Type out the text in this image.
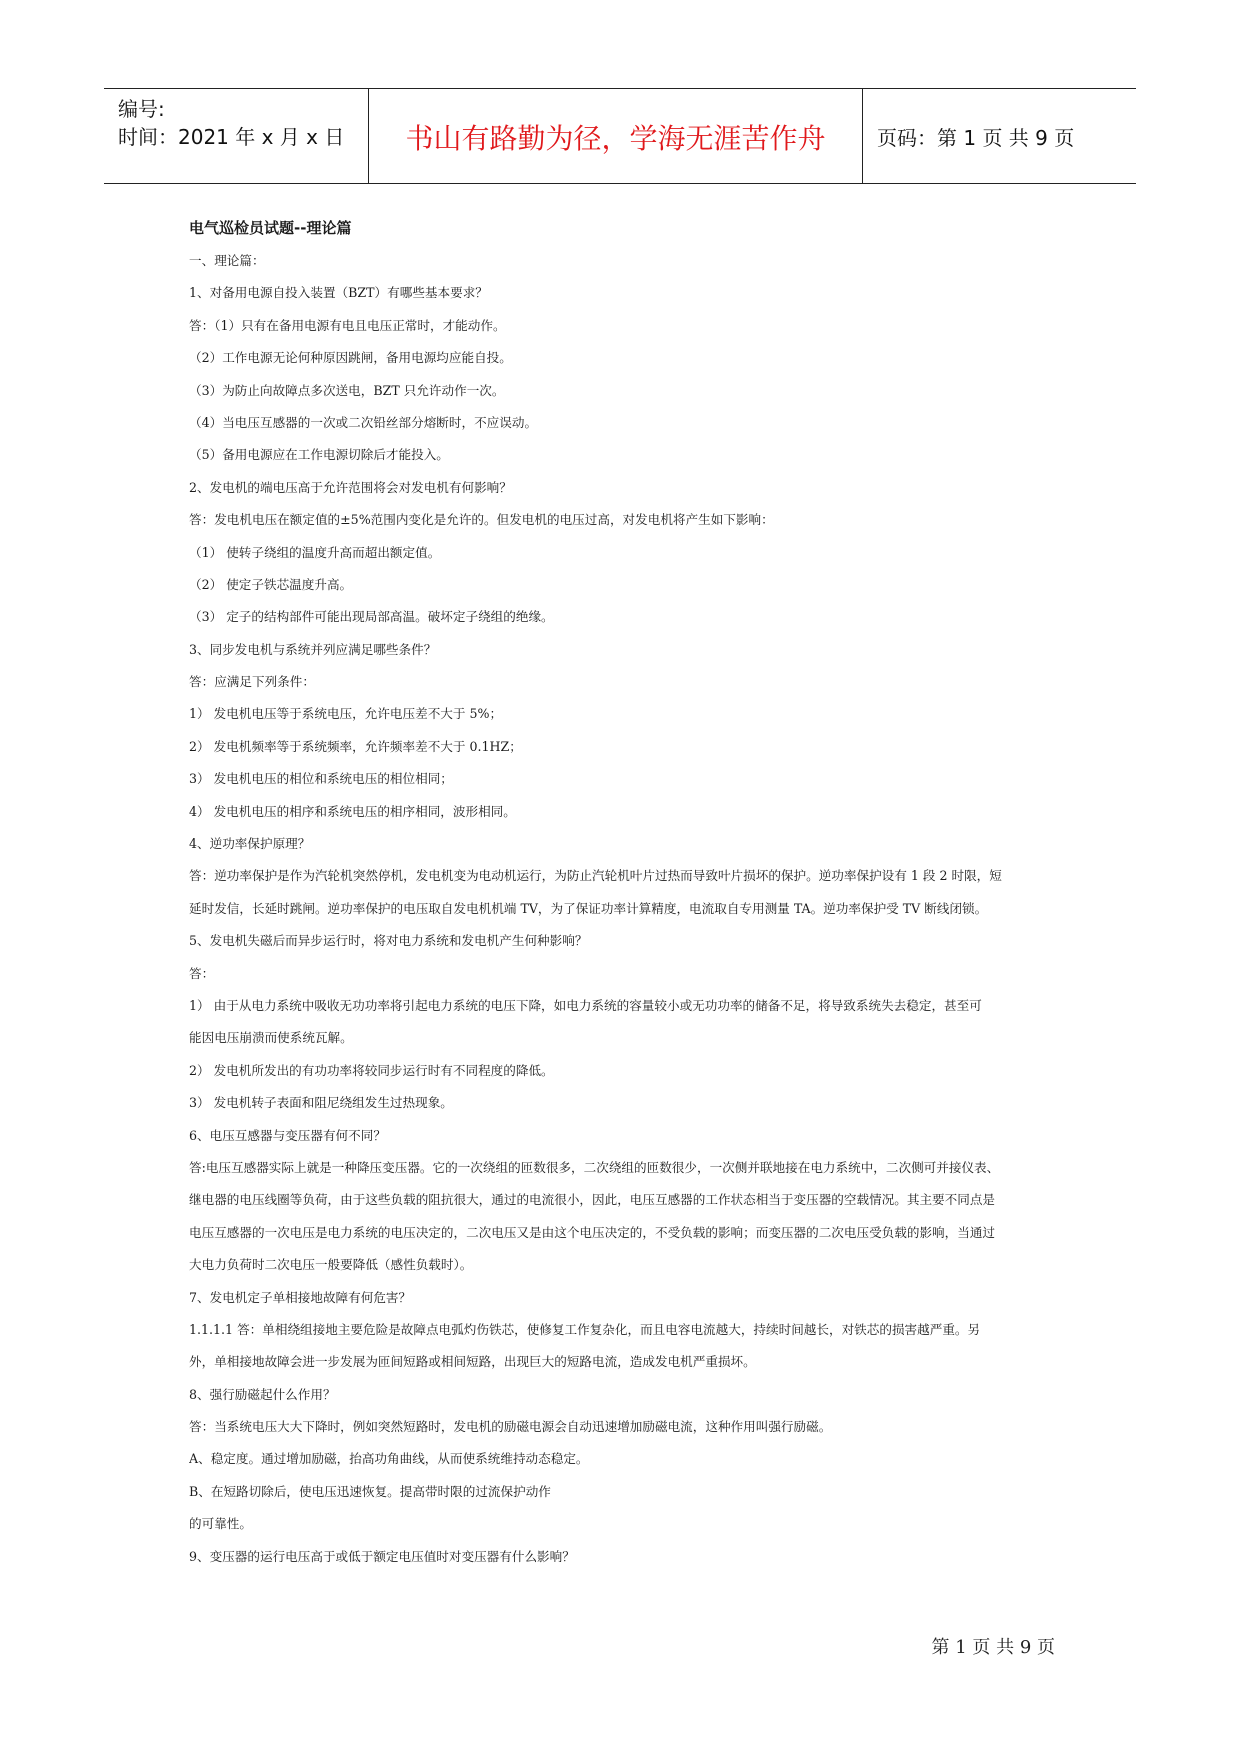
编号:
时间：2021 年 x 月 x 日	书山有路勤为径，学海无涯苦作舟	页码：第 1 页 共 9 页
电气巡检员试题--理论篇
一、理论篇：
1、对备用电源自投入装置（BZT）有哪些基本要求？
答：（1）只有在备用电源有电且电压正常时，才能动作。
（2）工作电源无论何种原因跳闸，备用电源均应能自投。
（3）为防止向故障点多次送电，BZT 只允许动作一次。
（4）当电压互感器的一次或二次铅丝部分熔断时，不应误动。
（5）备用电源应在工作电源切除后才能投入。
2、发电机的端电压高于允许范围将会对发电机有何影响？
答：发电机电压在额定值的±5%范围内变化是允许的。但发电机的电压过高，对发电机将产生如下影响：
（1） 使转子绕组的温度升高而超出额定值。
（2） 使定子铁芯温度升高。
（3） 定子的结构部件可能出现局部高温。破坏定子绕组的绝缘。
3、同步发电机与系统并列应满足哪些条件？
答：应满足下列条件：
1） 发电机电压等于系统电压，允许电压差不大于 5%；
2） 发电机频率等于系统频率，允许频率差不大于 0.1HZ；
3） 发电机电压的相位和系统电压的相位相同；
4） 发电机电压的相序和系统电压的相序相同，波形相同。
4、逆功率保护原理？
答：逆功率保护是作为汽轮机突然停机，发电机变为电动机运行，为防止汽轮机叶片过热而导致叶片损坏的保护。逆功率保护设有 1 段 2 时限，短
延时发信，长延时跳闸。逆功率保护的电压取自发电机机端 TV，为了保证功率计算精度，电流取自专用测量 TA。逆功率保护受 TV 断线闭锁。
5、发电机失磁后而异步运行时，将对电力系统和发电机产生何种影响？
答：
1） 由于从电力系统中吸收无功功率将引起电力系统的电压下降，如电力系统的容量较小或无功功率的储备不足，将导致系统失去稳定，甚至可
能因电压崩溃而使系统瓦解。
2） 发电机所发出的有功功率将较同步运行时有不同程度的降低。
3） 发电机转子表面和阻尼绕组发生过热现象。
6、电压互感器与变压器有何不同？
答:电压互感器实际上就是一种降压变压器。它的一次绕组的匝数很多，二次绕组的匝数很少，一次侧并联地接在电力系统中，二次侧可并接仪表、
继电器的电压线圈等负荷，由于这些负载的阻抗很大，通过的电流很小，因此，电压互感器的工作状态相当于变压器的空载情况。其主要不同点是
电压互感器的一次电压是电力系统的电压决定的，二次电压又是由这个电压决定的，不受负载的影响；而变压器的二次电压受负载的影响，当通过
大电力负荷时二次电压一般要降低（感性负载时）。
7、发电机定子单相接地故障有何危害？
1.1.1.1 答：单相绕组接地主要危险是故障点电弧灼伤铁芯，使修复工作复杂化，而且电容电流越大，持续时间越长，对铁芯的损害越严重。另
外，单相接地故障会进一步发展为匝间短路或相间短路，出现巨大的短路电流，造成发电机严重损坏。
8、强行励磁起什么作用？
答：当系统电压大大下降时，例如突然短路时，发电机的励磁电源会自动迅速增加励磁电流，这种作用叫强行励磁。
A、稳定度。通过增加励磁，抬高功角曲线，从而使系统维持动态稳定。
B、在短路切除后，使电压迅速恢复。提高带时限的过流保护动作
的可靠性。
9、变压器的运行电压高于或低于额定电压值时对变压器有什么影响？
第 1 页 共 9 页
